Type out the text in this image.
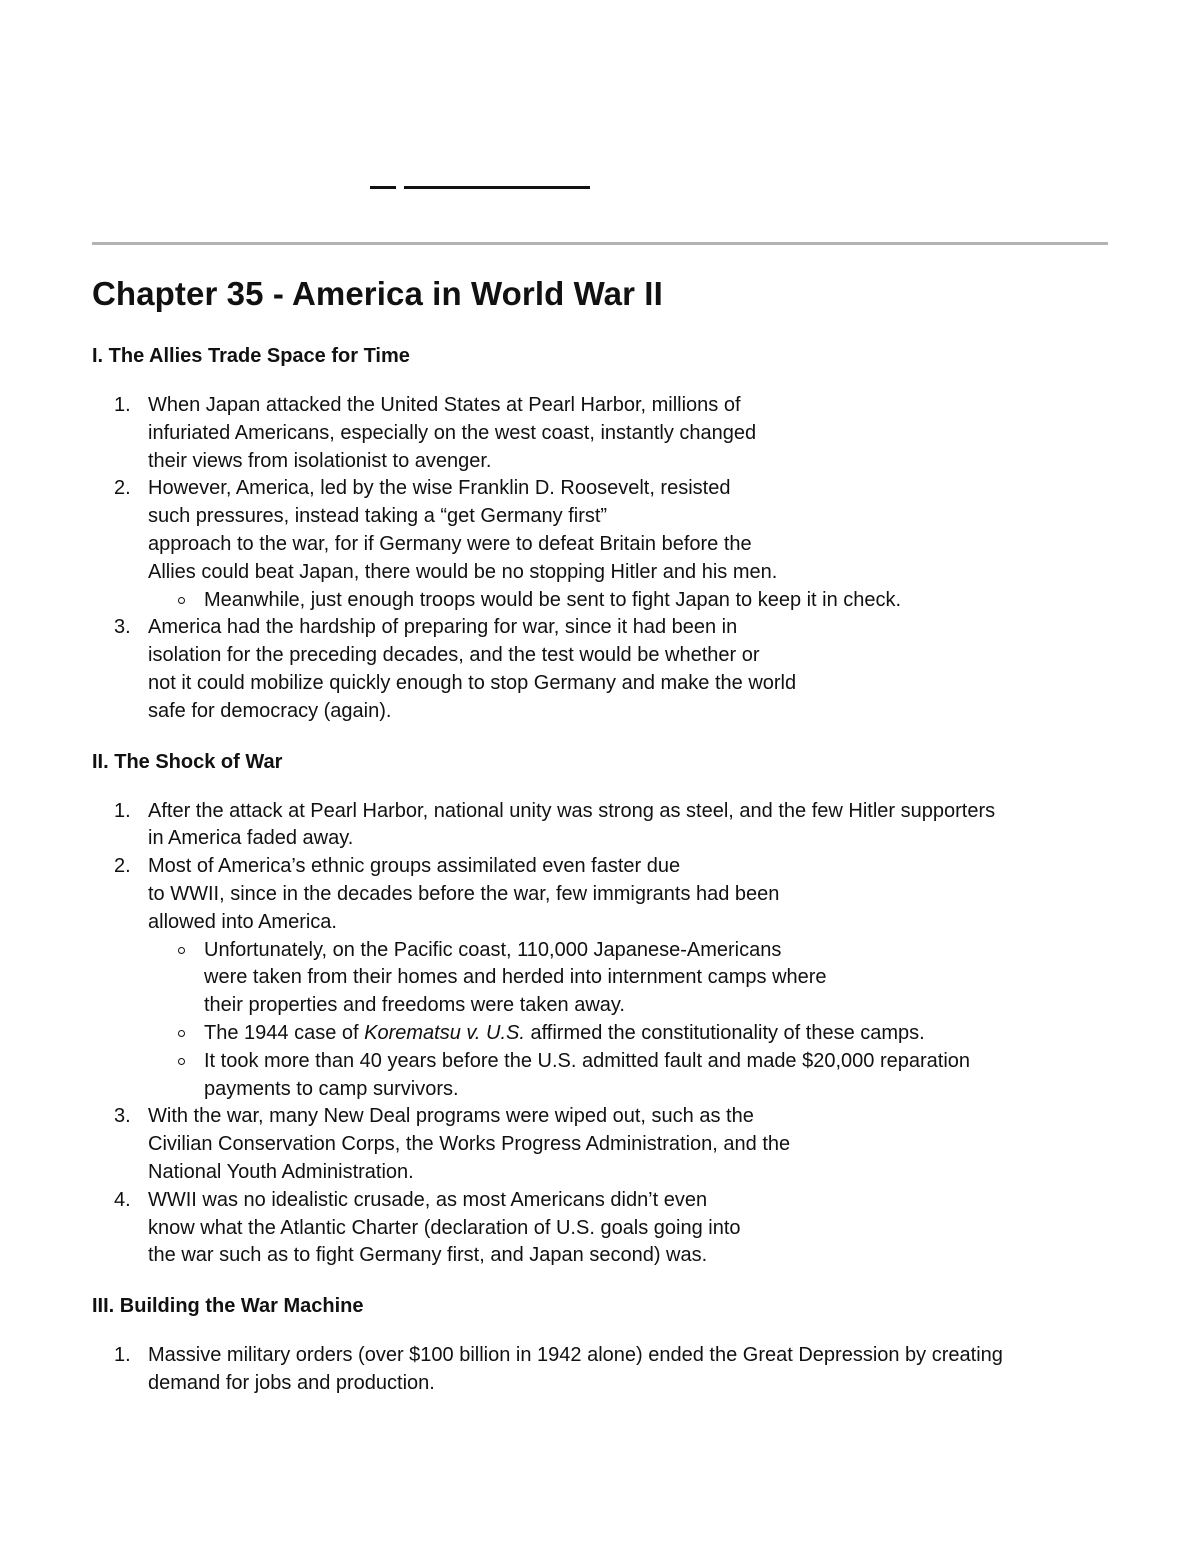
Chapter 35 - America in World War II
I. The Allies Trade Space for Time
1. When Japan attacked the United States at Pearl Harbor, millions of
infuriated Americans, especially on the west coast, instantly changed
their views from isolationist to avenger.
2. However, America, led by the wise Franklin D. Roosevelt, resisted
such pressures, instead taking a “get Germany first”
approach to the war, for if Germany were to defeat Britain before the
Allies could beat Japan, there would be no stopping Hitler and his men.
Meanwhile, just enough troops would be sent to fight Japan to keep it in check.
3. America had the hardship of preparing for war, since it had been in
isolation for the preceding decades, and the test would be whether or
not it could mobilize quickly enough to stop Germany and make the world
safe for democracy (again).
II. The Shock of War
1. After the attack at Pearl Harbor, national unity was strong as steel, and the few Hitler supporters
in America faded away.
2. Most of America’s ethnic groups assimilated even faster due
to WWII, since in the decades before the war, few immigrants had been
allowed into America.
Unfortunately, on the Pacific coast, 110,000 Japanese-Americans
were taken from their homes and herded into internment camps where
their properties and freedoms were taken away.
The 1944 case of Korematsu v. U.S. affirmed the constitutionality of these camps.
It took more than 40 years before the U.S. admitted fault and made $20,000 reparation
payments to camp survivors.
3. With the war, many New Deal programs were wiped out, such as the
Civilian Conservation Corps, the Works Progress Administration, and the
National Youth Administration.
4. WWII was no idealistic crusade, as most Americans didn’t even
know what the Atlantic Charter (declaration of U.S. goals going into
the war such as to fight Germany first, and Japan second) was.
III. Building the War Machine
1. Massive military orders (over $100 billion in 1942 alone) ended the Great Depression by creating
demand for jobs and production.
